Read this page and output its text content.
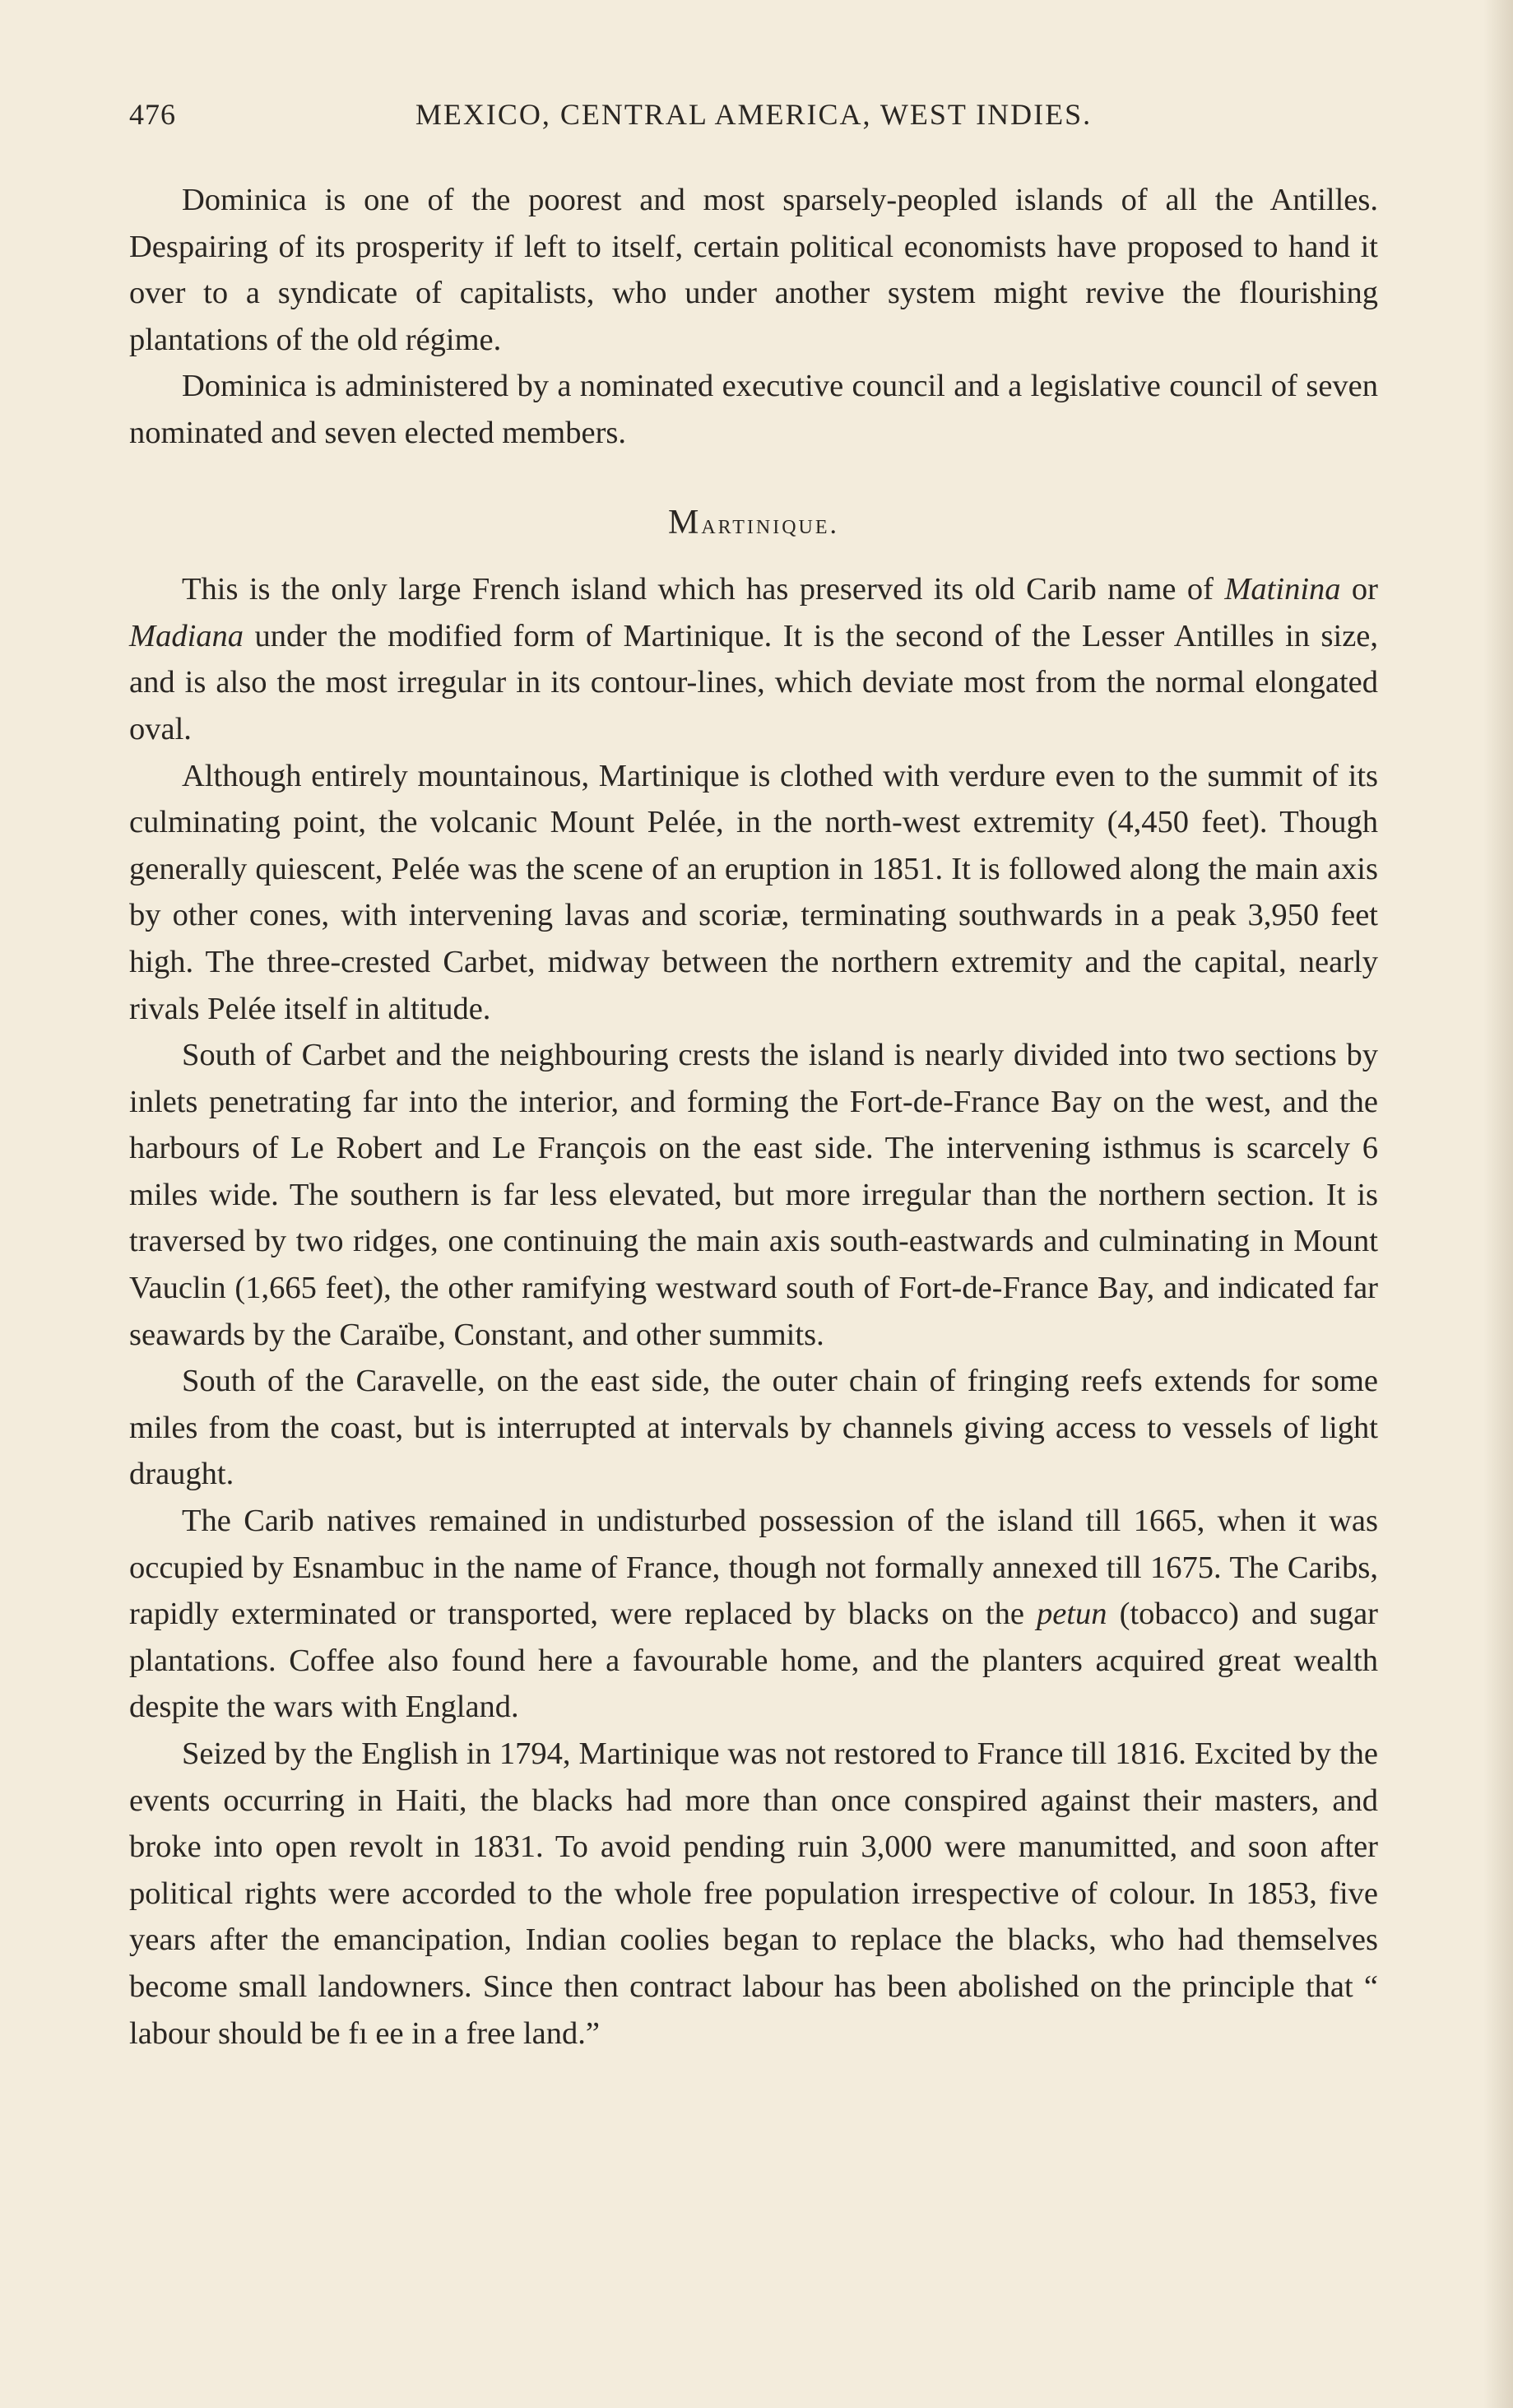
476	MEXICO, CENTRAL AMERICA, WEST INDIES.

Dominica is one of the poorest and most sparsely-peopled islands of all the Antilles. Despairing of its prosperity if left to itself, certain political economists have proposed to hand it over to a syndicate of capitalists, who under another system might revive the flourishing plantations of the old régime.

Dominica is administered by a nominated executive council and a legislative council of seven nominated and seven elected members.

Martinique.

This is the only large French island which has preserved its old Carib name of Matinina or Madiana under the modified form of Martinique. It is the second of the Lesser Antilles in size, and is also the most irregular in its contour-lines, which deviate most from the normal elongated oval.

Although entirely mountainous, Martinique is clothed with verdure even to the summit of its culminating point, the volcanic Mount Pelée, in the north-west extremity (4,450 feet). Though generally quiescent, Pelée was the scene of an eruption in 1851. It is followed along the main axis by other cones, with intervening lavas and scoriæ, terminating southwards in a peak 3,950 feet high. The three-crested Carbet, midway between the northern extremity and the capital, nearly rivals Pelée itself in altitude.

South of Carbet and the neighbouring crests the island is nearly divided into two sections by inlets penetrating far into the interior, and forming the Fort-de-France Bay on the west, and the harbours of Le Robert and Le François on the east side. The intervening isthmus is scarcely 6 miles wide. The southern is far less elevated, but more irregular than the northern section. It is traversed by two ridges, one continuing the main axis south-eastwards and culminating in Mount Vauclin (1,665 feet), the other ramifying westward south of Fort-de-France Bay, and indicated far seawards by the Caraïbe, Constant, and other summits.

South of the Caravelle, on the east side, the outer chain of fringing reefs extends for some miles from the coast, but is interrupted at intervals by channels giving access to vessels of light draught.

The Carib natives remained in undisturbed possession of the island till 1665, when it was occupied by Esnambuc in the name of France, though not formally annexed till 1675. The Caribs, rapidly exterminated or transported, were replaced by blacks on the petun (tobacco) and sugar plantations. Coffee also found here a favourable home, and the planters acquired great wealth despite the wars with England.

Seized by the English in 1794, Martinique was not restored to France till 1816. Excited by the events occurring in Haiti, the blacks had more than once conspired against their masters, and broke into open revolt in 1831. To avoid pending ruin 3,000 were manumitted, and soon after political rights were accorded to the whole free population irrespective of colour. In 1853, five years after the emancipation, Indian coolies began to replace the blacks, who had themselves become small landowners. Since then contract labour has been abolished on the principle that “ labour should be fı ee in a free land.”
